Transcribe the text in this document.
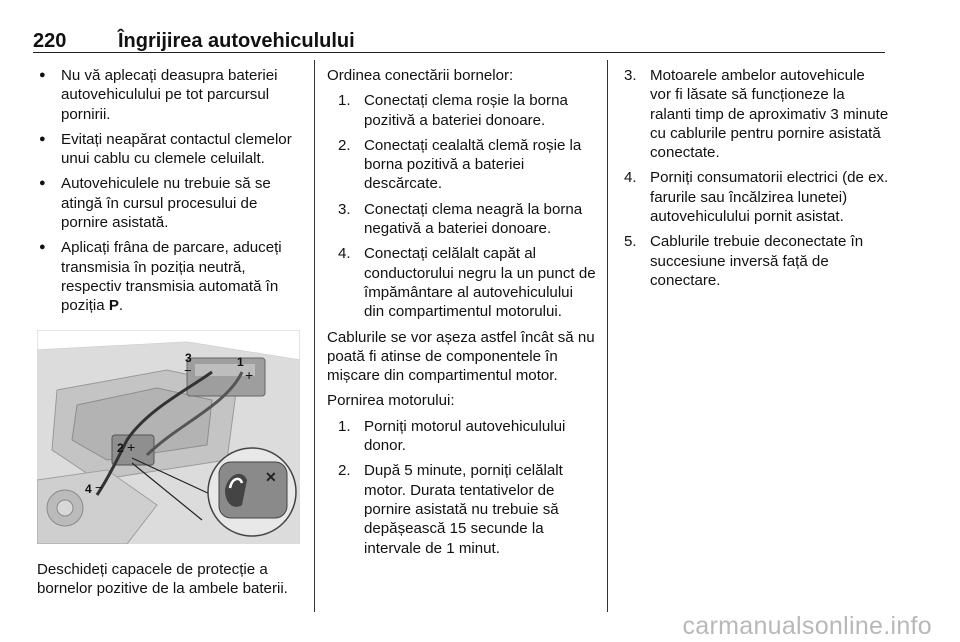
220	Îngrijirea autovehiculului
● Nu vă aplecați deasupra bateriei autovehiculului pe tot parcursul pornirii.
● Evitați neapărat contactul clemelor unui cablu cu clemele celuilalt.
● Autovehiculele nu trebuie să se atingă în cursul procesului de pornire asistată.
● Aplicați frâna de parcare, aduceți transmisia în poziția neutră, respectiv transmisia automată în poziția P.
✕
3
−
1
+
2 +
4 −

Deschideți capacele de protecție a bornelor pozitive de la ambele baterii.

Ordinea conectării bornelor:

1. Conectați clema roșie la borna pozitivă a bateriei donoare.
2. Conectați cealaltă clemă roșie la borna pozitivă a bateriei descărcate.
3. Conectați clema neagră la borna negativă a bateriei donoare.
4. Conectați celălalt capăt al conductorului negru la un punct de împământare al autovehiculului din compartimentul motorului.

Cablurile se vor așeza astfel încât să nu poată fi atinse de componentele în mișcare din compartimentul motor.

Pornirea motorului:

1. Porniți motorul autovehiculului donor.
2. După 5 minute, porniți celălalt motor. Durata tentativelor de pornire asistată nu trebuie să depășească 15 secunde la intervale de 1 minut.
3. Motoarele ambelor autovehicule vor fi lăsate să funcționeze la ralanti timp de aproximativ 3 minute cu cablurile pentru pornire asistată conectate.
4. Porniți consumatorii electrici (de ex. farurile sau încălzirea lunetei) autovehiculului pornit asistat.
5. Cablurile trebuie deconectate în succesiune inversă față de conectare.
carmanualsonline.info
